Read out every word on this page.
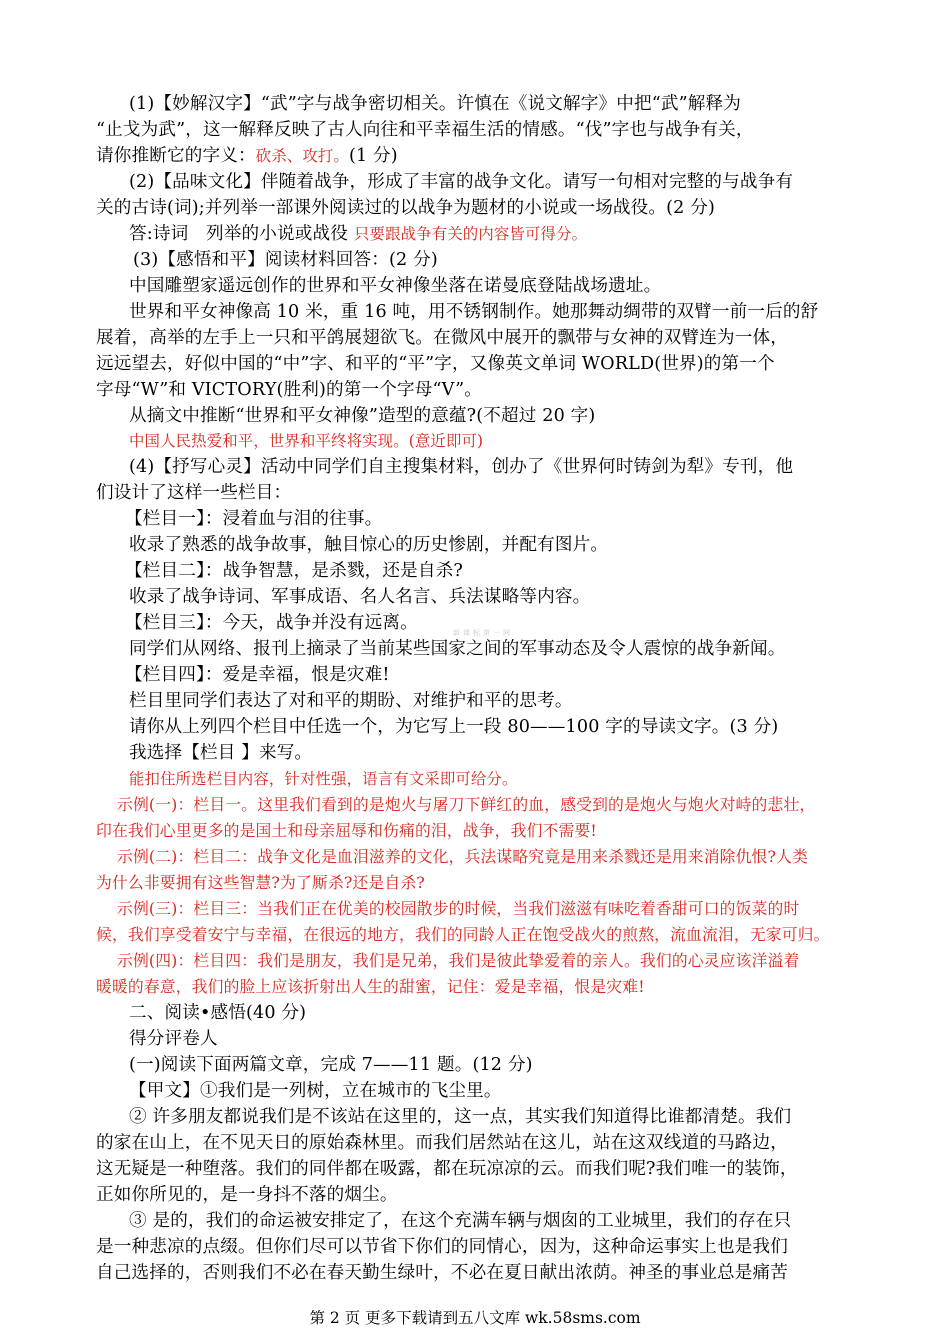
(1)【妙解汉字】“武”字与战争密切相关。许慎在《说文解字》中把“武”解释为
“止戈为武”，这一解释反映了古人向往和平幸福生活的情感。“伐”字也与战争有关，
请你推断它的字义：砍杀、攻打。(1 分)
(2)【品味文化】伴随着战争，形成了丰富的战争文化。请写一句相对完整的与战争有
关的古诗(词);并列举一部课外阅读过的以战争为题材的小说或一场战役。(2 分)
答:诗词　列举的小说或战役 只要跟战争有关的内容皆可得分。
(3)【感悟和平】阅读材料回答：(2 分)
中国雕塑家遥远创作的世界和平女神像坐落在诺曼底登陆战场遗址。
世界和平女神像高 10 米，重 16 吨，用不锈钢制作。她那舞动绸带的双臂一前一后的舒
展着，高举的左手上一只和平鸽展翅欲飞。在微风中展开的飘带与女神的双臂连为一体，
远远望去，好似中国的“中”字、和平的“平”字，又像英文单词 WORLD(世界)的第一个
字母“W”和 VICTORY(胜利)的第一个字母“V”。
从摘文中推断“世界和平女神像”造型的意蕴?(不超过 20 字)
中国人民热爱和平，世界和平终将实现。(意近即可)
(4)【抒写心灵】活动中同学们自主搜集材料，创办了《世界何时铸剑为犁》专刊，他
们设计了这样一些栏目：
【栏目一】：浸着血与泪的往事。
收录了熟悉的战争故事，触目惊心的历史惨剧，并配有图片。
【栏目二】：战争智慧，是杀戮，还是自杀?
收录了战争诗词、军事成语、名人名言、兵法谋略等内容。
【栏目三】：今天，战争并没有远离。	新课标第一网
同学们从网络、报刊上摘录了当前某些国家之间的军事动态及令人震惊的战争新闻。
【栏目四】：爱是幸福，恨是灾难!
栏目里同学们表达了对和平的期盼、对维护和平的思考。
请你从上列四个栏目中任选一个，为它写上一段 80——100 字的导读文字。(3 分)
我选择【栏目 】来写。
能扣住所选栏目内容，针对性强，语言有文采即可给分。
示例(一)：栏目一。这里我们看到的是炮火与屠刀下鲜红的血，感受到的是炮火与炮火对峙的悲壮，
印在我们心里更多的是国土和母亲屈辱和伤痛的泪，战争，我们不需要!
示例(二)：栏目二：战争文化是血泪滋养的文化，兵法谋略究竟是用来杀戮还是用来消除仇恨?人类
为什么非要拥有这些智慧?为了厮杀?还是自杀?
示例(三)：栏目三：当我们正在优美的校园散步的时候，当我们滋滋有味吃着香甜可口的饭菜的时
候，我们享受着安宁与幸福，在很远的地方，我们的同龄人正在饱受战火的煎熬，流血流泪，无家可归。
示例(四)：栏目四：我们是朋友，我们是兄弟，我们是彼此挚爱着的亲人。我们的心灵应该洋溢着
暖暖的春意，我们的脸上应该折射出人生的甜蜜，记住：爱是幸福，恨是灾难!
二、阅读•感悟(40 分)
得分评卷人
(一)阅读下面两篇文章，完成 7——11 题。(12 分)
【甲文】①我们是一列树，立在城市的飞尘里。
② 许多朋友都说我们是不该站在这里的，这一点，其实我们知道得比谁都清楚。我们
的家在山上，在不见天日的原始森林里。而我们居然站在这儿，站在这双线道的马路边，
这无疑是一种堕落。我们的同伴都在吸露，都在玩凉凉的云。而我们呢?我们唯一的装饰，
正如你所见的，是一身抖不落的烟尘。
③ 是的，我们的命运被安排定了，在这个充满车辆与烟囱的工业城里，我们的存在只
是一种悲凉的点缀。但你们尽可以节省下你们的同情心，因为，这种命运事实上也是我们
自己选择的，否则我们不必在春天勤生绿叶，不必在夏日献出浓荫。神圣的事业总是痛苦
第 2 页 更多下载请到五八文库 wk.58sms.com
